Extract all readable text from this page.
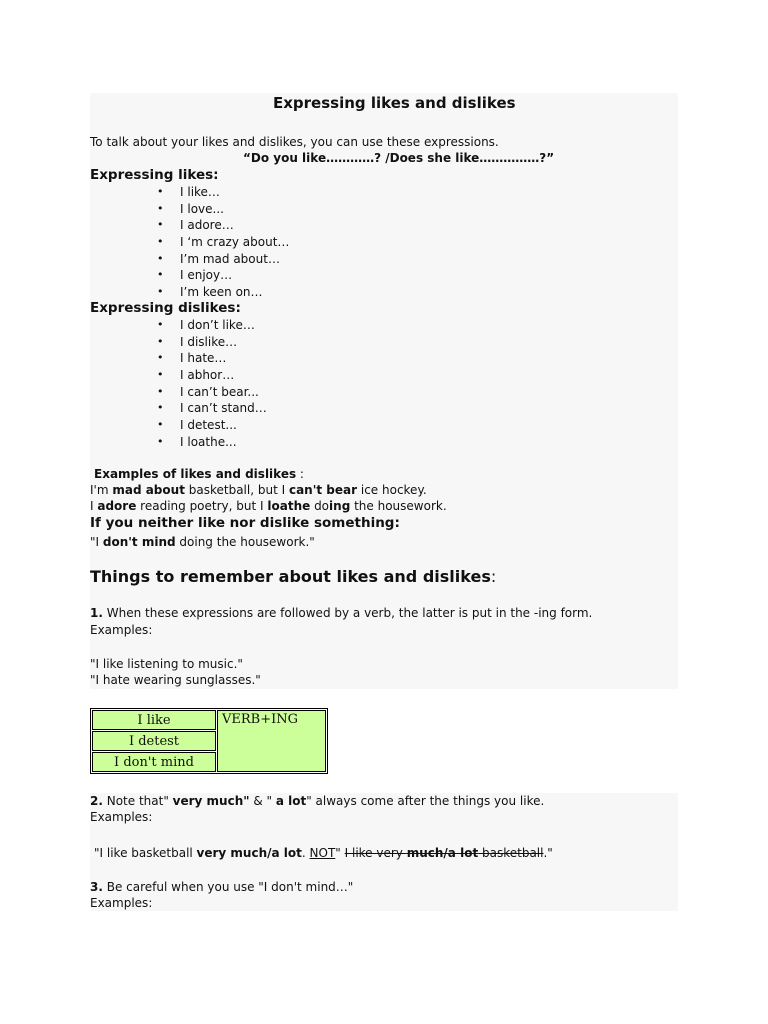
Expressing likes and dislikes
To talk about your likes and dislikes, you can use these expressions.
“Do you like…………? /Does she like……………?”
Expressing likes:
• I like…
• I love...
• I adore…
• I ‘m crazy about…
• I’m mad about…
• I enjoy…
• I’m keen on…
Expressing dislikes:
• I don’t like…
• I dislike…
• I hate…
• I abhor…
• I can’t bear...
• I can’t stand…
• I detest...
• I loathe...
Examples of likes and dislikes :
I'm mad about basketball, but I can't bear ice hockey.
I adore reading poetry, but I loathe doing the housework.
If you neither like nor dislike something:
"I don't mind doing the housework."
Things to remember about likes and dislikes:
1. When these expressions are followed by a verb, the latter is put in the -ing form.
Examples:
"I like listening to music."
"I hate wearing sunglasses."
I like	VERB+ING
I detest
I don't mind
2. Note that" very much" & " a lot" always come after the things you like.
Examples:
"I like basketball very much/a lot. NOT" I like very much/a lot basketball."
3. Be careful when you use "I don't mind…"
Examples:
